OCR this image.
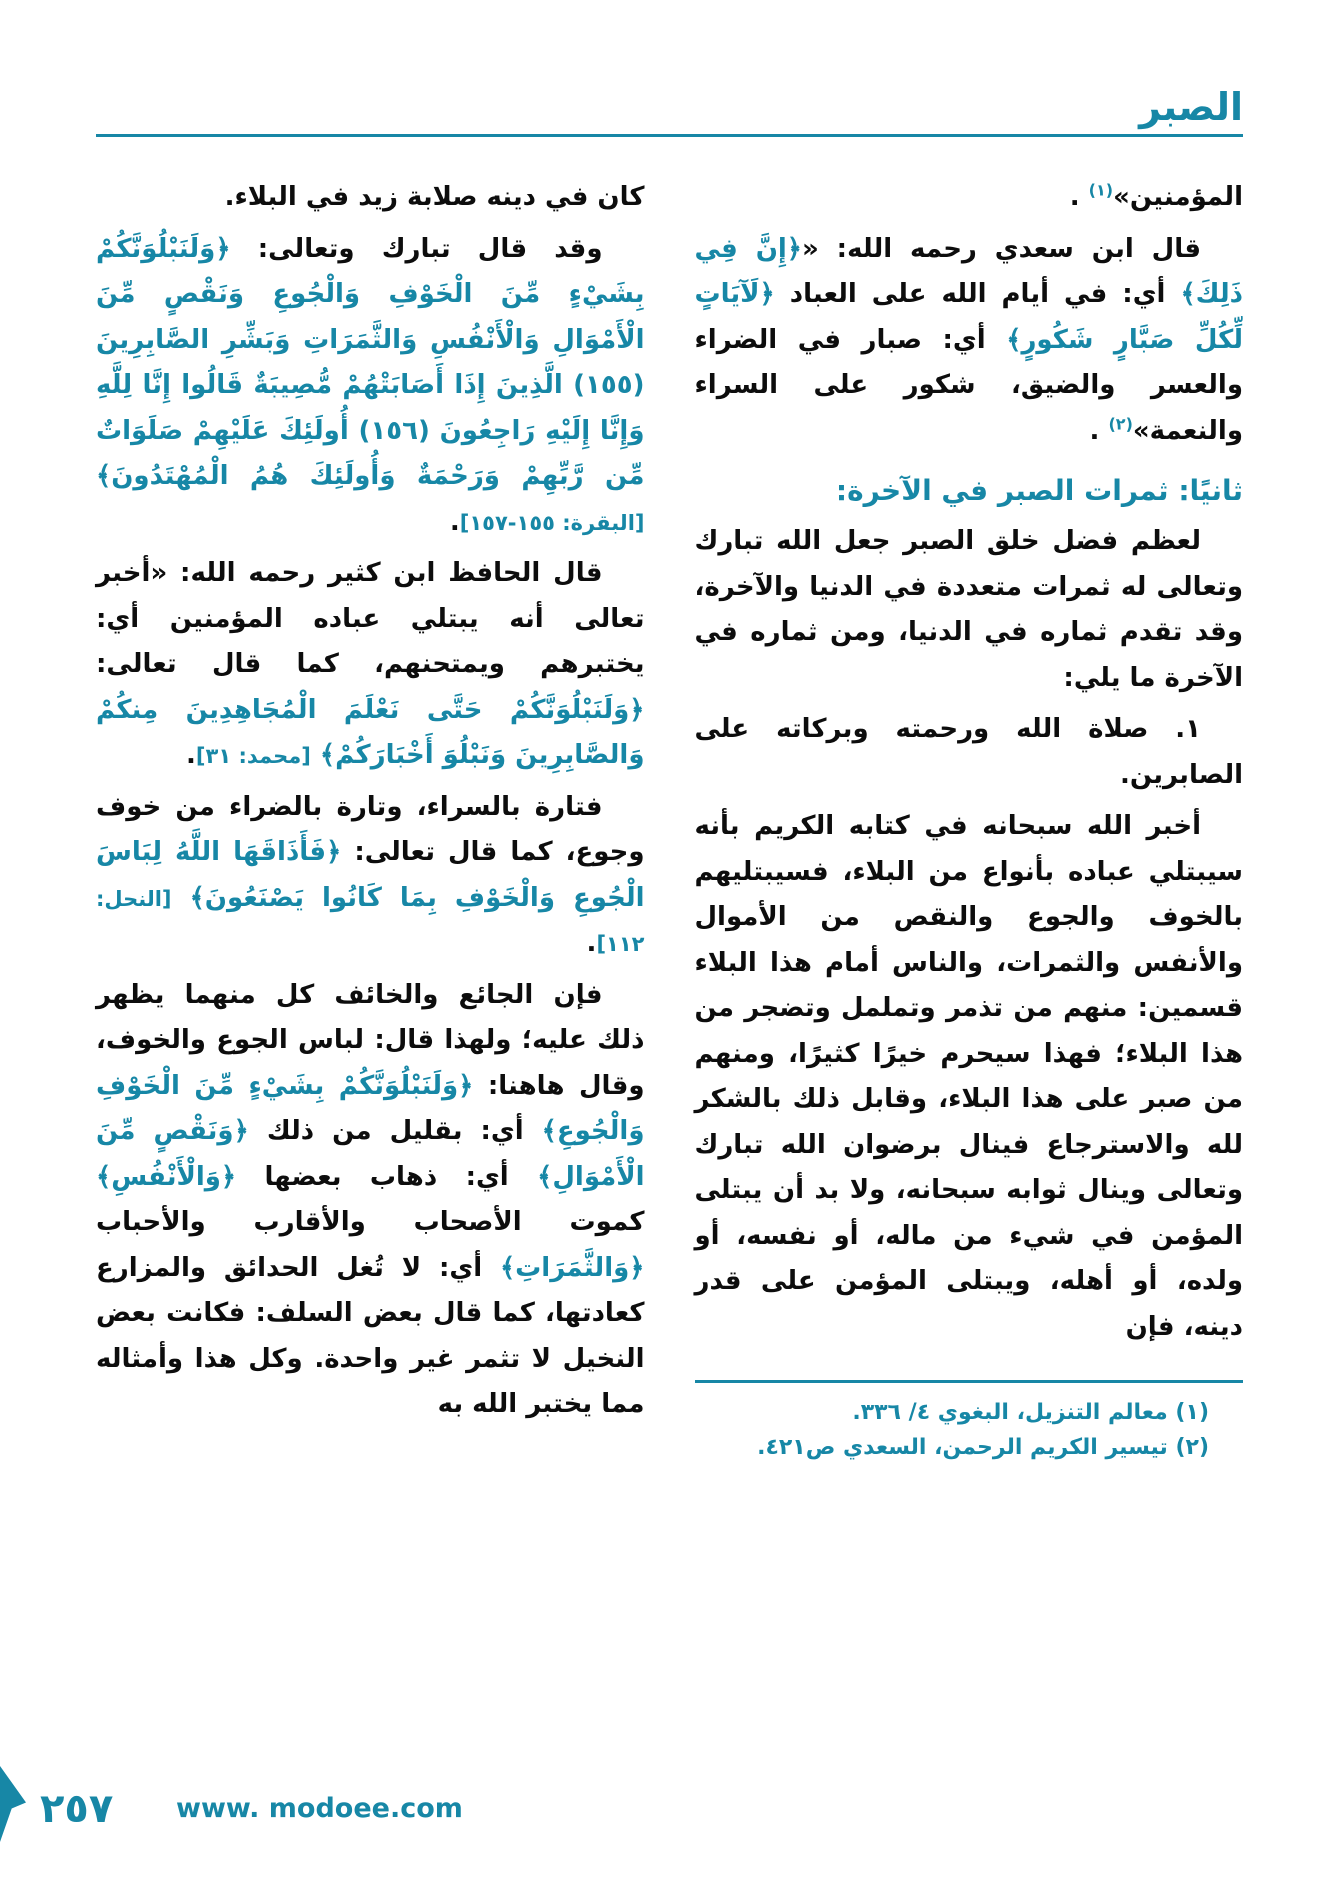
الصبر

المؤمنين»$^{(١)}$ .

قال ابن سعدي رحمه الله: «﴿إِنَّ فِي ذَلِكَ﴾ أي: في أيام الله على العباد ﴿لَآيَاتٍ لِّكُلِّ صَبَّارٍ شَكُورٍ﴾ أي: صبار في الضراء والعسر والضيق، شكور على السراء والنعمة»$^{(٢)}$ .

ثانيًا: ثمرات الصبر في الآخرة:

لعظم فضل خلق الصبر جعل الله تبارك وتعالى له ثمرات متعددة في الدنيا والآخرة، وقد تقدم ثماره في الدنيا، ومن ثماره في الآخرة ما يلي:

١. صلاة الله ورحمته وبركاته على الصابرين.

أخبر الله سبحانه في كتابه الكريم بأنه سيبتلي عباده بأنواع من البلاء، فسيبتليهم بالخوف والجوع والنقص من الأموال والأنفس والثمرات، والناس أمام هذا البلاء قسمين: منهم من تذمر وتململ وتضجر من هذا البلاء؛ فهذا سيحرم خيرًا كثيرًا، ومنهم من صبر على هذا البلاء، وقابل ذلك بالشكر لله والاسترجاع فينال برضوان الله تبارك وتعالى وينال ثوابه سبحانه، ولا بد أن يبتلى المؤمن في شيء من ماله، أو نفسه، أو ولده، أو أهله، ويبتلى المؤمن على قدر دينه، فإن

(١) معالم التنزيل، البغوي ٤/ ٣٣٦.
(٢) تيسير الكريم الرحمن، السعدي ص٤٢١.

كان في دينه صلابة زيد في البلاء.

وقد قال تبارك وتعالى: ﴿وَلَنَبْلُوَنَّكُمْ بِشَيْءٍ مِّنَ الْخَوْفِ وَالْجُوعِ وَنَقْصٍ مِّنَ الْأَمْوَالِ وَالْأَنْفُسِ وَالثَّمَرَاتِ وَبَشِّرِ الصَّابِرِينَ (١٥٥) الَّذِينَ إِذَا أَصَابَتْهُمْ مُّصِيبَةٌ قَالُوا إِنَّا لِلَّهِ وَإِنَّا إِلَيْهِ رَاجِعُونَ (١٥٦) أُولَئِكَ عَلَيْهِمْ صَلَوَاتٌ مِّن رَّبِّهِمْ وَرَحْمَةٌ وَأُولَئِكَ هُمُ الْمُهْتَدُونَ﴾ [البقرة: ١٥٥-١٥٧].

قال الحافظ ابن كثير رحمه الله: «أخبر تعالى أنه يبتلي عباده المؤمنين أي: يختبرهم ويمتحنهم، كما قال تعالى: ﴿وَلَنَبْلُوَنَّكُمْ حَتَّى نَعْلَمَ الْمُجَاهِدِينَ مِنكُمْ وَالصَّابِرِينَ وَنَبْلُوَ أَخْبَارَكُمْ﴾ [محمد: ٣١].

فتارة بالسراء، وتارة بالضراء من خوف وجوع، كما قال تعالى: ﴿فَأَذَاقَهَا اللَّهُ لِبَاسَ الْجُوعِ وَالْخَوْفِ بِمَا كَانُوا يَصْنَعُونَ﴾ [النحل: ١١٢].

فإن الجائع والخائف كل منهما يظهر ذلك عليه؛ ولهذا قال: لباس الجوع والخوف، وقال هاهنا: ﴿وَلَنَبْلُوَنَّكُمْ بِشَيْءٍ مِّنَ الْخَوْفِ وَالْجُوعِ﴾ أي: بقليل من ذلك ﴿وَنَقْصٍ مِّنَ الْأَمْوَالِ﴾ أي: ذهاب بعضها ﴿وَالْأَنْفُسِ﴾ كموت الأصحاب والأقارب والأحباب ﴿وَالثَّمَرَاتِ﴾ أي: لا تُغل الحدائق والمزارع كعادتها، كما قال بعض السلف: فكانت بعض النخيل لا تثمر غير واحدة. وكل هذا وأمثاله مما يختبر الله به

٢٥٧ www. modoee.com
